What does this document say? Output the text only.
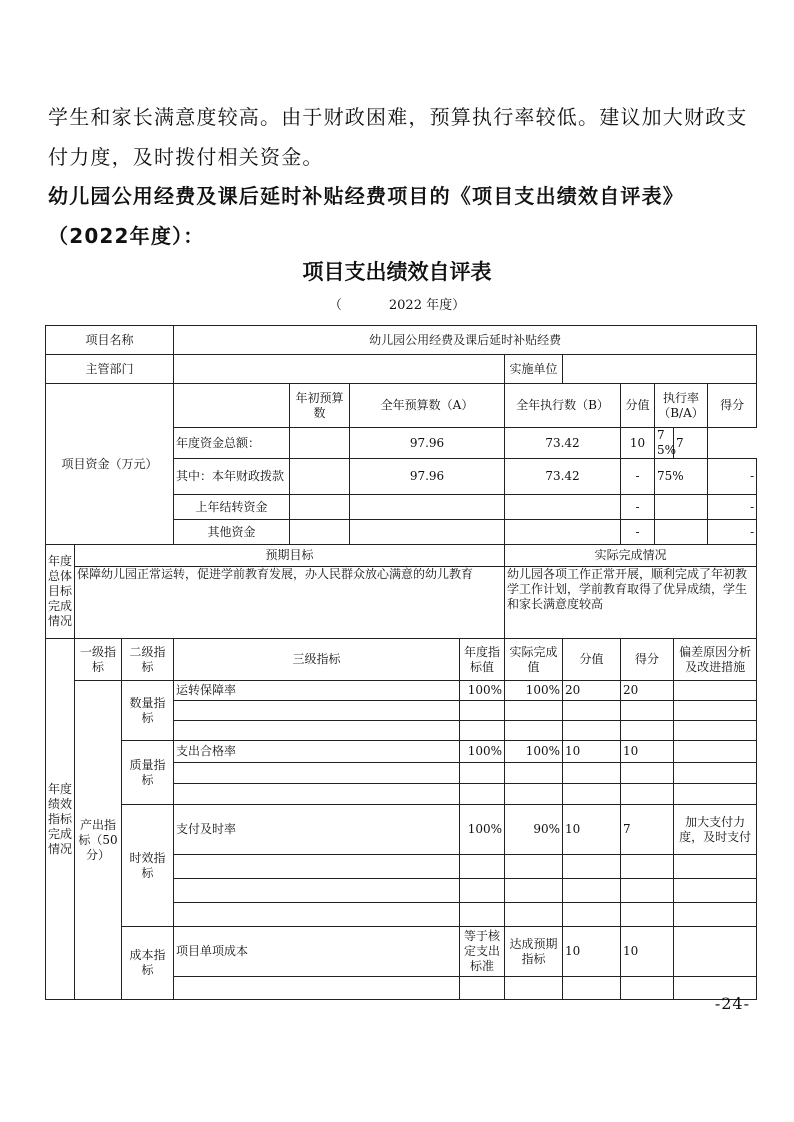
学生和家长满意度较高。由于财政困难，预算执行率较低。建议加大财政支付力度，及时拨付相关资金。
幼儿园公用经费及课后延时补贴经费项目的《项目支出绩效自评表》（2022年度）：
项目支出绩效自评表
（	2022 年度）
项目名称			幼儿园公用经费及课后延时补贴经费									
主管部门							实施单位					
项目资金（万元）				年初预算数	全年预算数（A）		全年执行数（B）		分值	执行率（B/A）		得分
			年度资金总额：		97.96		73.42		10	75%	7	
			其中：本年财政拨款		97.96		73.42		-	75%		-
			上年结转资金						-			-
			其他资金						-			-
年度总体目标完成情况	预期目标						实际完成情况					
	保障幼儿园正常运转，促进学前教育发展，办人民群众放心满意的幼儿教育						幼儿园各项工作正常开展，顺利完成了年初教学工作计划，学前教育取得了优异成绩，学生和家长满意度较高					
年度绩效指标完成情况	一级指标	二级指标	三级指标			年度指标值	实际完成值	分值	得分		偏差原因分析及改进措施	
	产出指标（50 分）	数量指标	运转保障率			100%	100%	20	20			

		质量指标	支出合格率			100%	100%	10	10			

		时效指标	支付及时率			100%	90%	10	7		加大支付力度，及时支付	

		成本指标	项目单项成本			等于核定支出标准	达成预期指标	10	10			

-24-
